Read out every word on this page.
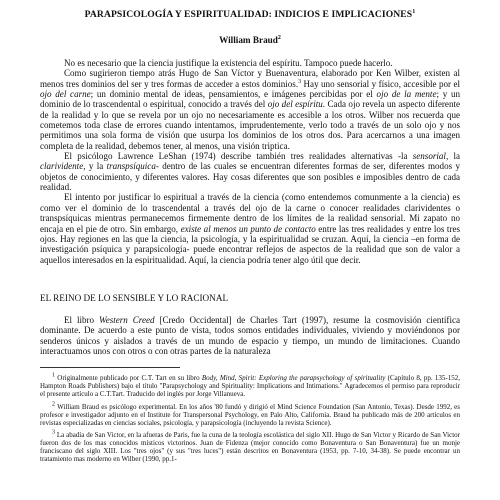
PARAPSICOLOGÍA Y ESPIRITUALIDAD: INDICIOS E IMPLICACIONES$^1$
William Braud$^2$

No es necesario que la ciencia justifique la existencia del espíritu. Tampoco puede hacerlo.

Como sugirieron tiempo atrás Hugo de San Víctor y Buenaventura, elaborado por Ken Wilber, existen al menos tres dominios del ser y tres formas de acceder a estos dominios.$^3$ Hay uno sensorial y físico, accesible por el ojo del carne; un dominio mental de ideas, pensamientos, e imágenes percibidas por el ojo de la mente; y un dominio de lo trascendental o espiritual, conocido a través del ojo del espíritu. Cada ojo revela un aspecto diferente de la realidad y lo que se revela por un ojo no necesariamente es accesible a los otros. Wilber nos recuerda que cometemos toda clase de errores cuando intentamos, imprudentemente, verlo todo a través de un solo ojo y nos permitimos una sola forma de visión que usurpa los dominios de los otros dos. Para acercarnos a una imagen completa de la realidad, debemos tener, al menos, una visión triptica.

El psicólogo Lawrence LeShan (1974) describe también tres realidades alternativas -la sensorial, la clarividente, y la transpsíquica- dentro de las cuales se encuentran diferentes formas de ser, diferentes modos y objetos de conocimiento, y diferentes valores. Hay cosas diferentes que son posibles e imposibles dentro de cada realidad.

El intento por justificar lo espiritual a través de la ciencia (como entendemos comunmente a la ciencia) es como ver el dominio de lo trascendental a través del ojo de la carne o conocer realidades clarividentes o transpsíquicas mientras permanecemos firmemente dentro de los límites de la realidad sensorial. Mi zapato no encaja en el pie de otro. Sin embargo, existe al menos un punto de contacto entre las tres realidades y entre los tres ojos. Hay regiones en las que la ciencia, la psicología, y la espiritualidad se cruzan. Aquí, la ciencia –en forma de investigación psíquica y parapsicología- puede encontrar reflejos de aspectos de la realidad que son de valor a aquellos interesados en la espiritualidad. Aquí, la ciencia podría tener algo útil que decir.

EL REINO DE LO SENSIBLE Y LO RACIONAL

El libro Western Creed [Credo Occidental] de Charles Tart (1997), resume la cosmovisión científica dominante. De acuerdo a este punto de vista, todos somos entidades individuales, viviendo y moviéndonos por senderos únicos y aislados a través de un mundo de espacio y tiempo, un mundo de limitaciones. Cuando interactuamos unos con otros o con otras partes de la naturaleza

$^1$ Originalmente publicado por C.T. Tart en su libro Body, Mind, Spirit: Exploring the parapsychology of spirituality (Capítulo 8, pp. 135-152, Hampton Roads Publishers) bajo el título "Parapsychology and Spirituality: Implications and Intimations." Agradecemos el permiso para reproducir el presente artículo a C.T.Tart. Traducido del inglés por Jorge Villanueva.

$^2$ William Braud es psicólogo experimental. En los años '80 fundó y dirigió el Mind Science Foundation (San Antonio, Texas). Desde 1992, es profesor e investigador adjunto en el Institute for Transpersonal Psychology, en Palo Alto, California. Braud ha publicado más de 200 artículos en revistas especializadas en ciencias sociales, psicología, y parapsicología (incluyendo la revista Science).

$^3$ La abadía de San Victor, en la afueras de Paris, fue la cuna de la teología escolástica del siglo XII. Hugo de San Victor y Ricardo de San Victor fueron dos de los mas conocidos místicos victorinos. Juan de Fidenza (mejor conocido como Bonaventura o San Bonaventura) fue un monje franciscano del siglo XIII. Los "tres ojos" (y sus "tres luces") están descritos en Bonaventura (1953, pp. 7-10, 34-38). Se puede encontrar un tratamiento mas moderno en Wilber (1990, pp.1-
